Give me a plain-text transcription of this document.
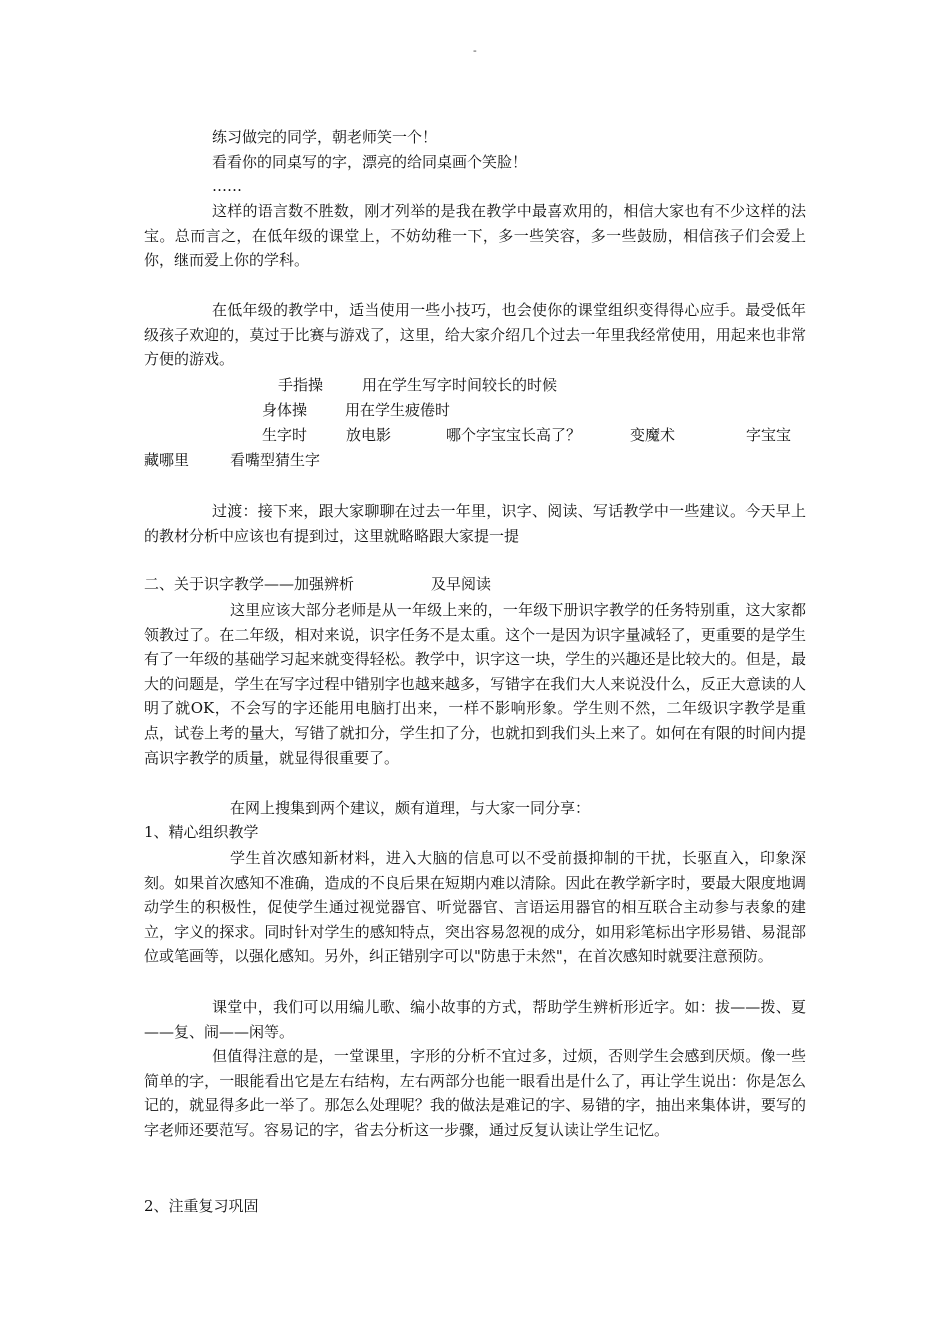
-
练习做完的同学，朝老师笑一个！
看看你的同桌写的字，漂亮的给同桌画个笑脸！
……
这样的语言数不胜数，刚才列举的是我在教学中最喜欢用的，相信大家也有不少这样的法宝。总而言之，在低年级的课堂上，不妨幼稚一下，多一些笑容，多一些鼓励，相信孩子们会爱上你，继而爱上你的学科。
在低年级的教学中，适当使用一些小技巧，也会使你的课堂组织变得得心应手。最受低年级孩子欢迎的，莫过于比赛与游戏了，这里，给大家介绍几个过去一年里我经常使用，用起来也非常方便的游戏。
手指操	用在学生写字时间较长的时候
身体操	用在学生疲倦时
生字时	放电影	哪个字宝宝长高了？	变魔术	字宝宝
藏哪里	看嘴型猜生字
过渡：接下来，跟大家聊聊在过去一年里，识字、阅读、写话教学中一些建议。今天早上的教材分析中应该也有提到过，这里就略略跟大家提一提
二、关于识字教学——加强辨析	及早阅读
这里应该大部分老师是从一年级上来的，一年级下册识字教学的任务特别重，这大家都领教过了。在二年级，相对来说，识字任务不是太重。这个一是因为识字量减轻了，更重要的是学生有了一年级的基础学习起来就变得轻松。教学中，识字这一块，学生的兴趣还是比较大的。但是，最大的问题是，学生在写字过程中错别字也越来越多，写错字在我们大人来说没什么，反正大意读的人明了就OK，不会写的字还能用电脑打出来，一样不影响形象。学生则不然，二年级识字教学是重点，试卷上考的量大，写错了就扣分，学生扣了分，也就扣到我们头上来了。如何在有限的时间内提高识字教学的质量，就显得很重要了。
在网上搜集到两个建议，颇有道理，与大家一同分享：
1、精心组织教学
学生首次感知新材料，进入大脑的信息可以不受前摄抑制的干扰，长驱直入，印象深刻。如果首次感知不准确，造成的不良后果在短期内难以清除。因此在教学新字时，要最大限度地调动学生的积极性，促使学生通过视觉器官、听觉器官、言语运用器官的相互联合主动参与表象的建立，字义的探求。同时针对学生的感知特点，突出容易忽视的成分，如用彩笔标出字形易错、易混部位或笔画等，以强化感知。另外，纠正错别字可以"防患于未然"，在首次感知时就要注意预防。
课堂中，我们可以用编儿歌、编小故事的方式，帮助学生辨析形近字。如：拔——拨、夏——复、闹——闲等。
但值得注意的是，一堂课里，字形的分析不宜过多，过烦，否则学生会感到厌烦。像一些简单的字，一眼能看出它是左右结构，左右两部分也能一眼看出是什么了，再让学生说出：你是怎么记的，就显得多此一举了。那怎么处理呢？我的做法是难记的字、易错的字，抽出来集体讲，要写的字老师还要范写。容易记的字，省去分析这一步骤，通过反复认读让学生记忆。
2、注重复习巩固
